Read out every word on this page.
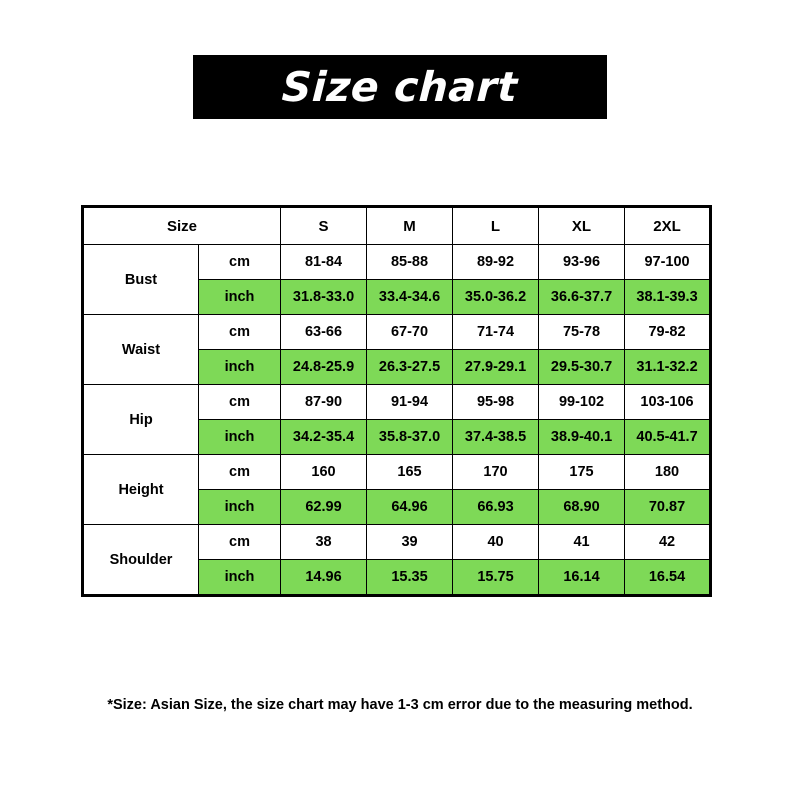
Size chart
Size		S	M	L	XL	2XL
Bust	cm	81-84	85-88	89-92	93-96	97-100
	inch	31.8-33.0	33.4-34.6	35.0-36.2	36.6-37.7	38.1-39.3
Waist	cm	63-66	67-70	71-74	75-78	79-82
	inch	24.8-25.9	26.3-27.5	27.9-29.1	29.5-30.7	31.1-32.2
Hip	cm	87-90	91-94	95-98	99-102	103-106
	inch	34.2-35.4	35.8-37.0	37.4-38.5	38.9-40.1	40.5-41.7
Height	cm	160	165	170	175	180
	inch	62.99	64.96	66.93	68.90	70.87
Shoulder	cm	38	39	40	41	42
	inch	14.96	15.35	15.75	16.14	16.54
*Size: Asian Size, the size chart may have 1-3 cm error due to the measuring method.
